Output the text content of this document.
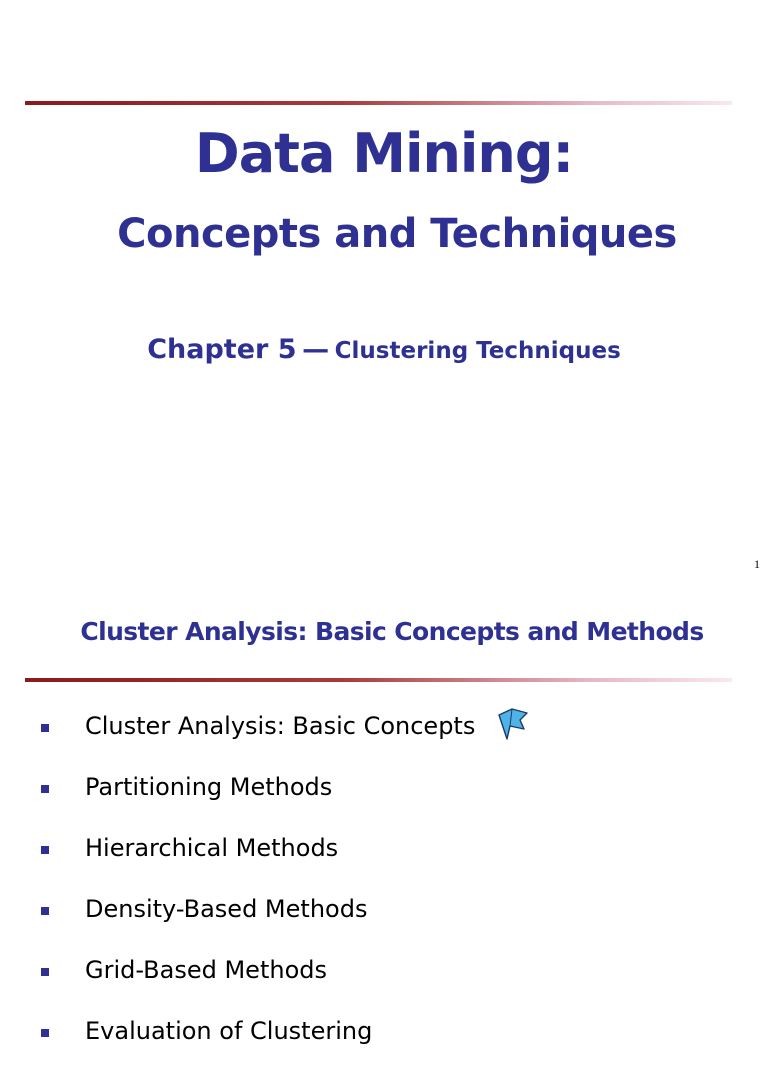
Data Mining:
Concepts and Techniques
Chapter 5 — Clustering Techniques
1
Cluster Analysis: Basic Concepts and Methods
Cluster Analysis: Basic Concepts
Partitioning Methods
Hierarchical Methods
Density-Based Methods
Grid-Based Methods
Evaluation of Clustering
